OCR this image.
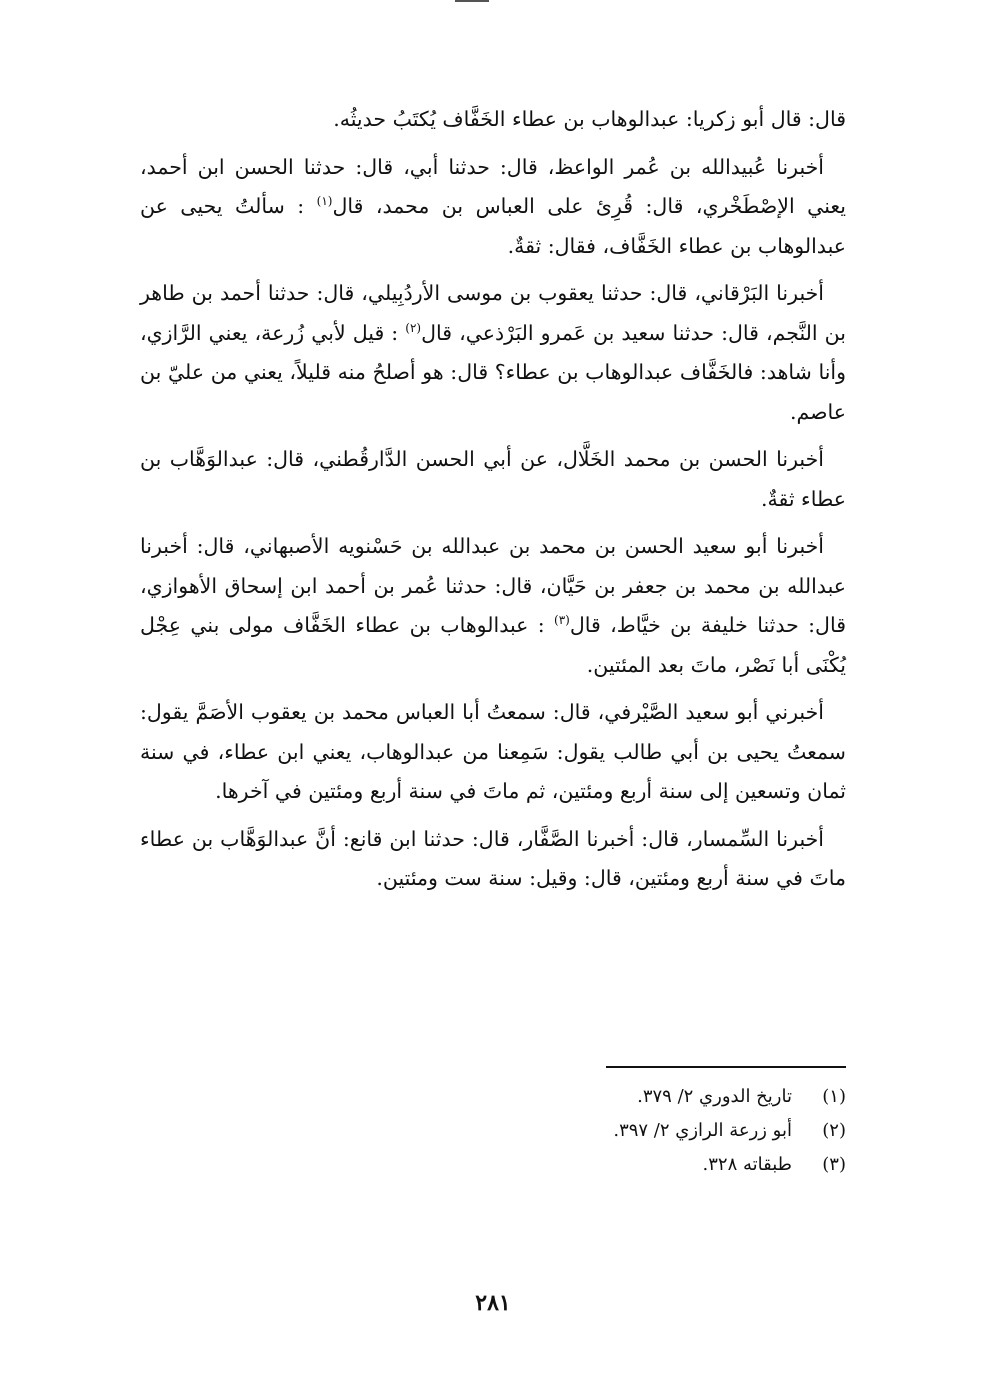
قال: قال أبو زكريا: عبدالوهاب بن عطاء الخَفَّاف يُكتَبُ حديثُه.

أخبرنا عُبيدالله بن عُمر الواعظ، قال: حدثنا أبي، قال: حدثنا الحسن ابن أحمد، يعني الإصْطَخْري، قال: قُرِئ على العباس بن محمد، قال$^{(١)}$ : سألتُ يحيى عن عبدالوهاب بن عطاء الخَفَّاف، فقال: ثقةٌ.

أخبرنا البَرْقاني، قال: حدثنا يعقوب بن موسى الأردُبِيلي، قال: حدثنا أحمد بن طاهر بن النَّجم، قال: حدثنا سعيد بن عَمرو البَرْذعي، قال$^{(٢)}$ : قيل لأبي زُرعة، يعني الرَّازي، وأنا شاهد: فالخَفَّاف عبدالوهاب بن عطاء؟ قال: هو أصلحُ منه قليلاً، يعني من عليّ بن عاصم.

أخبرنا الحسن بن محمد الخَلَّال، عن أبي الحسن الدَّارقُطني، قال: عبدالوَهَّاب بن عطاء ثقةٌ.

أخبرنا أبو سعيد الحسن بن محمد بن عبدالله بن حَسْنويه الأصبهاني، قال: أخبرنا عبدالله بن محمد بن جعفر بن حَيَّان، قال: حدثنا عُمر بن أحمد ابن إسحاق الأهوازي، قال: حدثنا خليفة بن خيَّاط، قال$^{(٣)}$ : عبدالوهاب بن عطاء الخَفَّاف مولى بني عِجْل يُكْنَى أبا نَصْر، ماتَ بعد المئتين.

أخبرني أبو سعيد الصَّيْرفي، قال: سمعتُ أبا العباس محمد بن يعقوب الأصَمَّ يقول: سمعتُ يحيى بن أبي طالب يقول: سَمِعنا من عبدالوهاب، يعني ابن عطاء، في سنة ثمان وتسعين إلى سنة أربع ومئتين، ثم ماتَ في سنة أربع ومئتين في آخرها.

أخبرنا السِّمسار، قال: أخبرنا الصَّفَّار، قال: حدثنا ابن قانع: أنَّ عبدالوَهَّاب بن عطاء ماتَ في سنة أربع ومئتين، قال: وقيل: سنة ست ومئتين.

(١)
تاريخ الدوري ٢/ ٣٧٩.
(٢)
أبو زرعة الرازي ٢/ ٣٩٧.
(٣)
طبقاته ٣٢٨.
٢٨١
